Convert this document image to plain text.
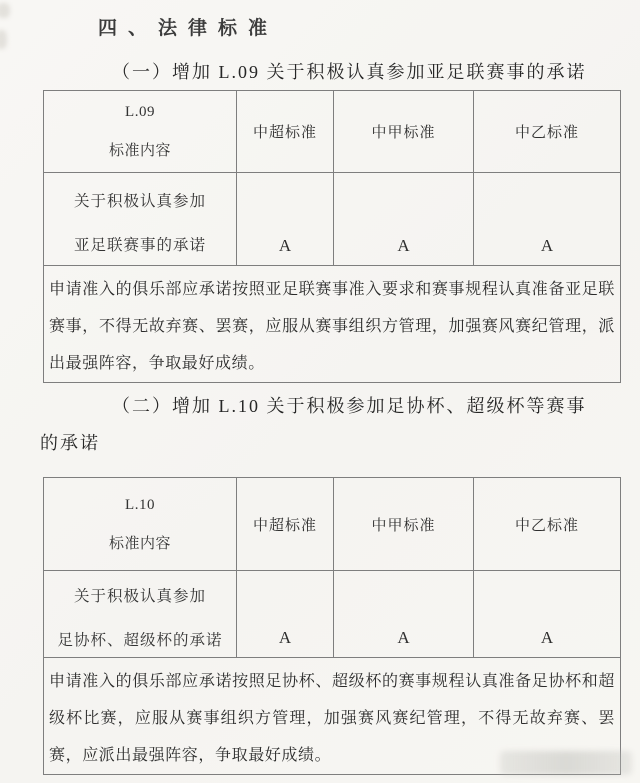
四、法律标准
（一）增加 L.09 关于积极认真参加亚足联赛事的承诺
L.09
标准内容	中超标准	中甲标准	中乙标准

关于积极认真参加
亚足联赛事的承诺	A	A	A
申请准入的俱乐部应承诺按照亚足联赛事准入要求和赛事规程认真准备亚足联赛事，不得无故弃赛、罢赛，应服从赛事组织方管理，加强赛风赛纪管理，派出最强阵容，争取最好成绩。			
（二）增加 L.10 关于积极参加足协杯、超级杯等赛事
的承诺
L.10
标准内容	中超标准	中甲标准	中乙标准

关于积极认真参加
足协杯、超级杯的承诺	A	A	A
申请准入的俱乐部应承诺按照足协杯、超级杯的赛事规程认真准备足协杯和超级杯比赛，应服从赛事组织方管理，加强赛风赛纪管理，不得无故弃赛、罢赛，应派出最强阵容，争取最好成绩。			
